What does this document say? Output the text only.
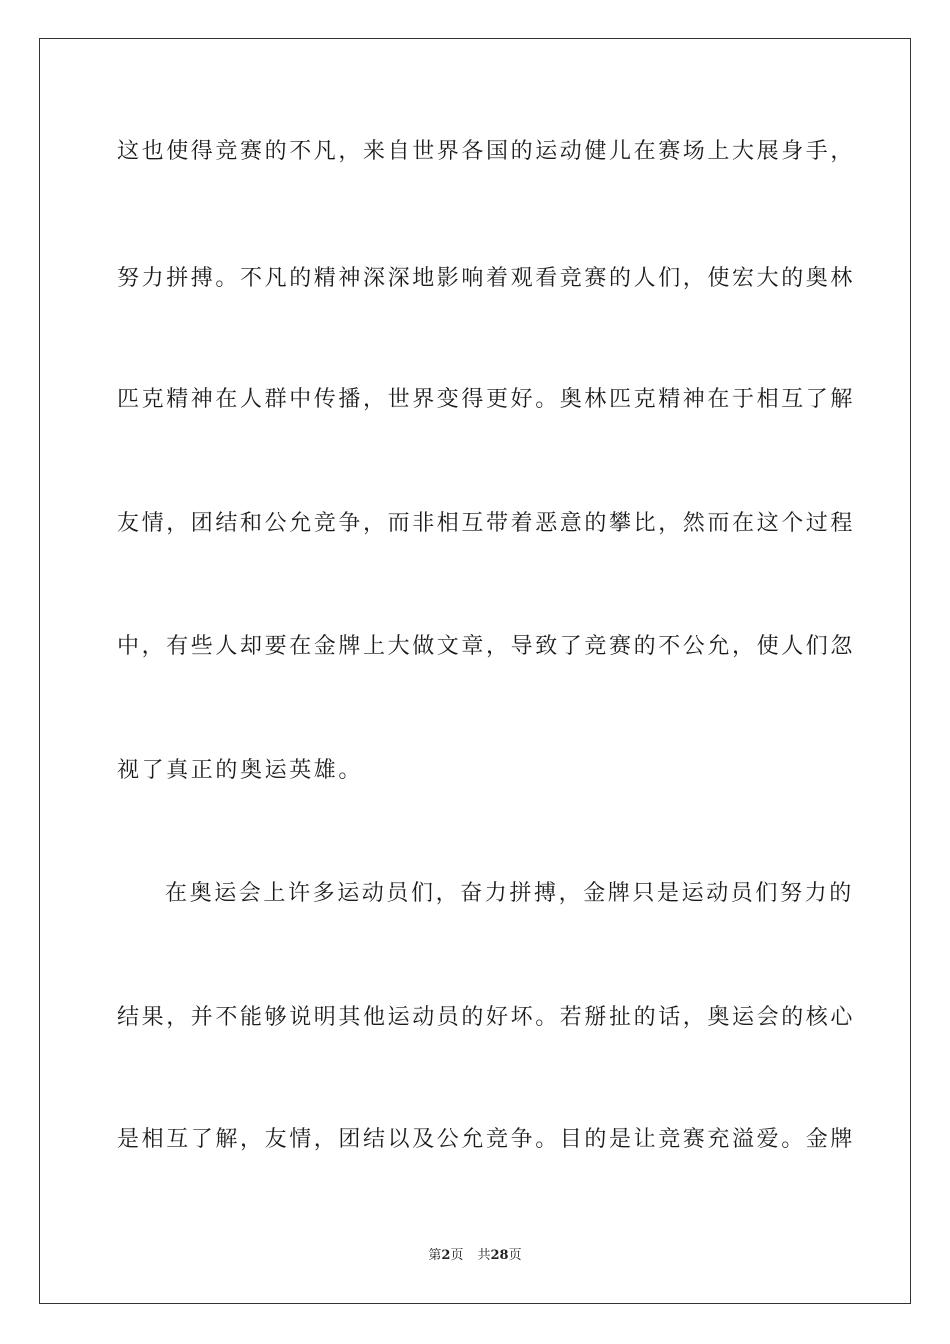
这也使得竞赛的不凡，来自世界各国的运动健儿在赛场上大展身手，
努力拼搏。不凡的精神深深地影响着观看竞赛的人们，使宏大的奥林
匹克精神在人群中传播，世界变得更好。奥林匹克精神在于相互了解
友情，团结和公允竞争，而非相互带着恶意的攀比，然而在这个过程
中，有些人却要在金牌上大做文章，导致了竞赛的不公允，使人们忽
视了真正的奥运英雄。
在奥运会上许多运动员们，奋力拼搏，金牌只是运动员们努力的
结果，并不能够说明其他运动员的好坏。若掰扯的话，奥运会的核心
是相互了解，友情，团结以及公允竞争。目的是让竞赛充溢爱。金牌
第2页 共28页
